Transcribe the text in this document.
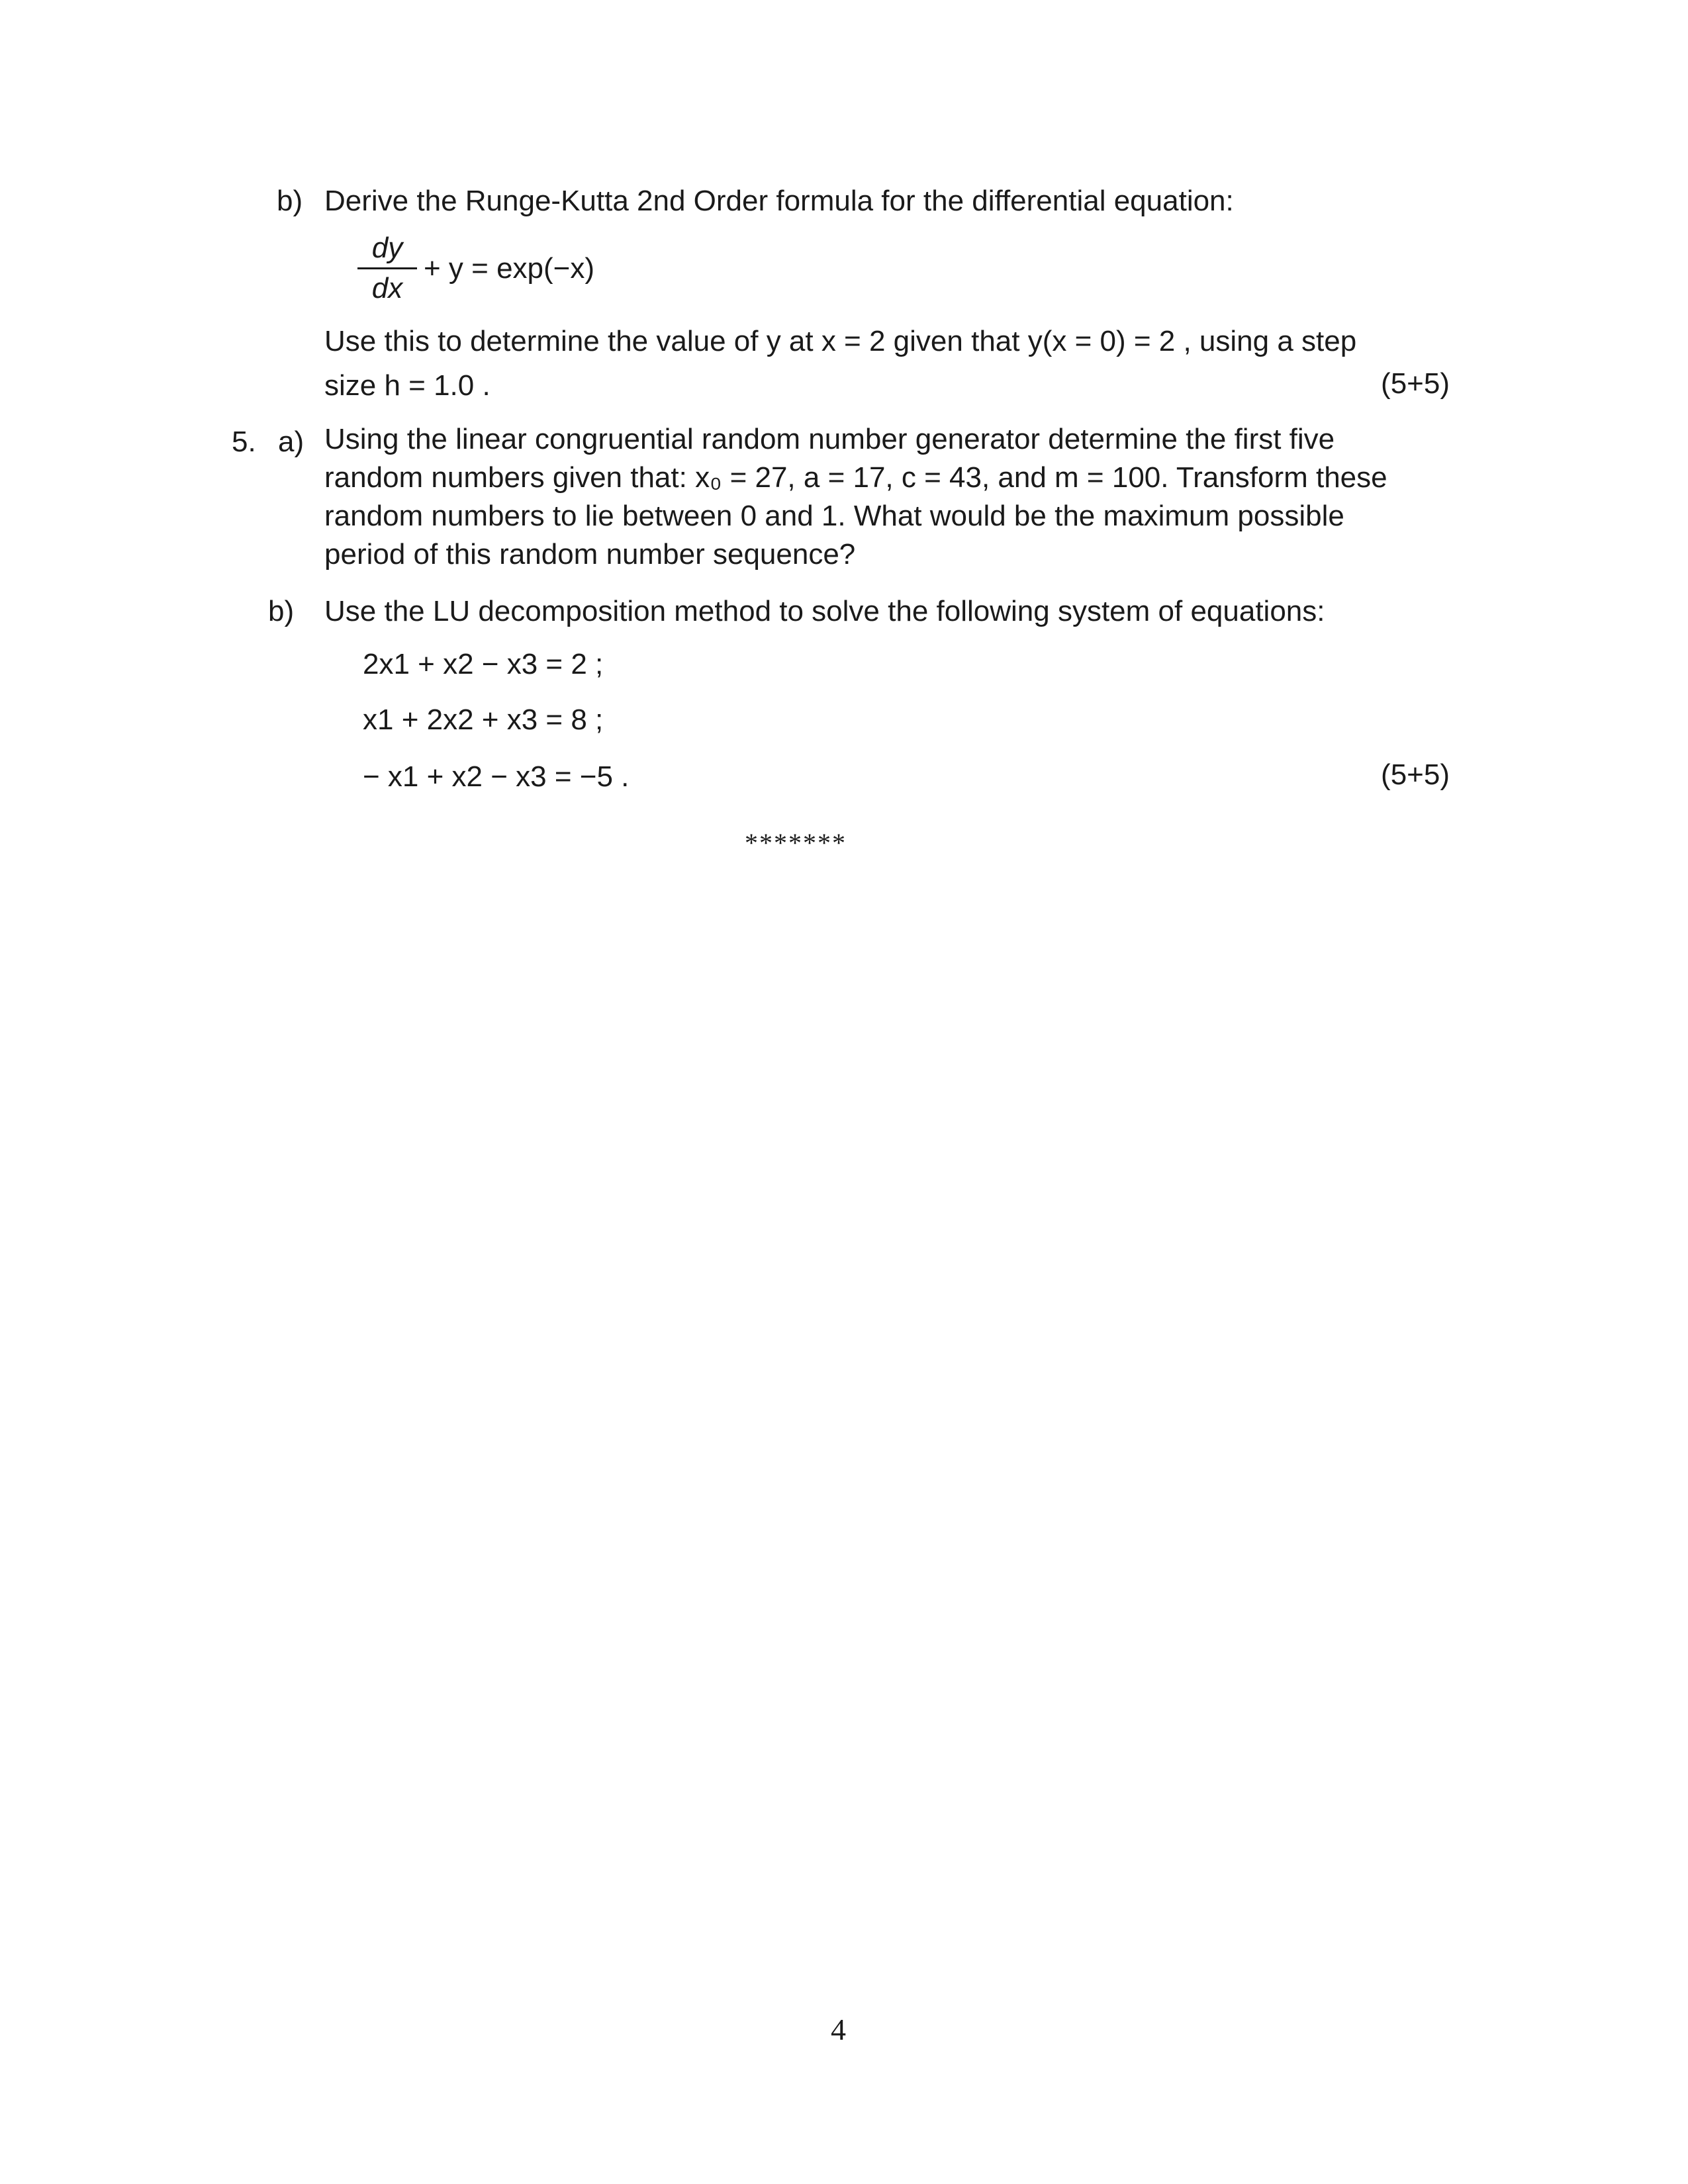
b) Derive the Runge-Kutta 2nd Order formula for the differential equation:
dy
dx
+ y = exp(−x)
Use this to determine the value of y at x = 2 given that y(x = 0) = 2 , using a step
size h = 1.0 .	(5+5)
5. a) Using the linear congruential random number generator determine the first five random numbers given that: x₀ = 27, a = 17, c = 43, and m = 100. Transform these random numbers to lie between 0 and 1. What would be the maximum possible period of this random number sequence?
b) Use the LU decomposition method to solve the following system of equations:
2x1 + x2 − x3 = 2 ;
x1 + 2x2 + x3 = 8 ;
− x1 + x2 − x3 = −5 .	(5+5)
*******
4
